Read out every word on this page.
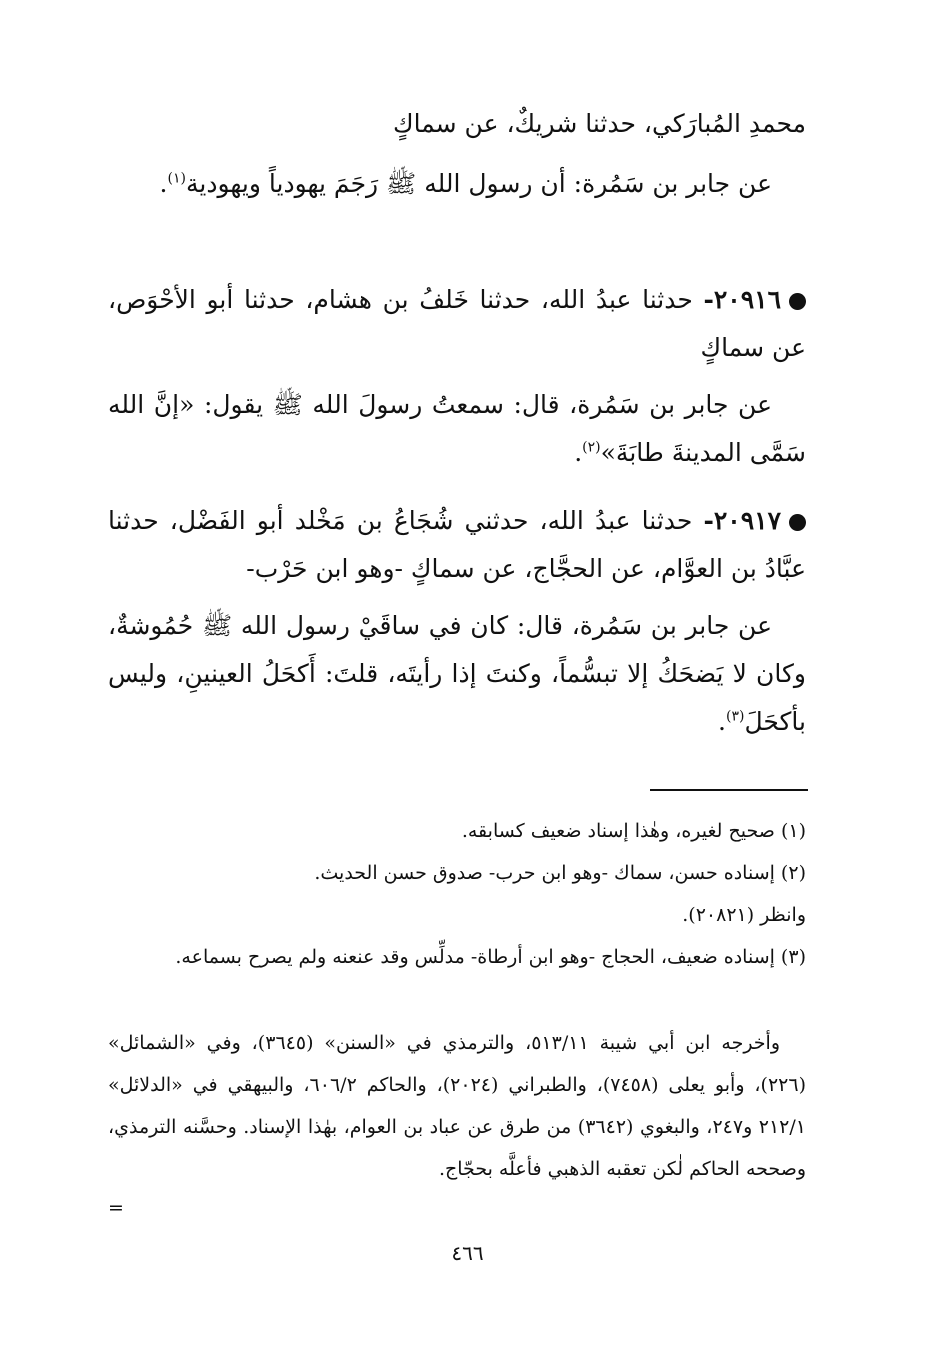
محمدِ المُبارَكي، حدثنا شريكٌ، عن سماكٍ
عن جابر بن سَمُرة: أن رسول الله ﷺ رَجَمَ يهودياً ويهودية$^{(١)}$.
٢٠٩١٦- حدثنا عبدُ الله، حدثنا خَلفُ بن هشام، حدثنا أبو الأحْوَص، عن سماكٍ
عن جابر بن سَمُرة، قال: سمعتُ رسولَ الله ﷺ يقول: «إنَّ الله سَمَّى المدينةَ طابَةَ»$^{(٢)}$.
٢٠٩١٧- حدثنا عبدُ الله، حدثني شُجَاعُ بن مَخْلد أبو الفَضْل، حدثنا عبَّادُ بن العوَّام، عن الحجَّاج، عن سماكٍ -وهو ابن حَرْب-
عن جابر بن سَمُرة، قال: كان في ساقَيْ رسول الله ﷺ حُمُوشةٌ، وكان لا يَضحَكُ إلا تبسُّماً، وكنتَ إذا رأيتَه، قلتَ: أَكحَلُ العينينِ، وليس بأكحَلَ$^{(٣)}$.
(١) صحيح لغيره، وهٰذا إسناد ضعيف كسابقه.
(٢) إسناده حسن، سماك -وهو ابن حرب- صدوق حسن الحديث.
وانظر (٢٠٨٢١).
(٣) إسناده ضعيف، الحجاج -وهو ابن أرطاة- مدلِّس وقد عنعنه ولم يصرح بسماعه.
وأخرجه ابن أبي شيبة ٥١٣/١١، والترمذي في «السنن» (٣٦٤٥)، وفي «الشمائل» (٢٢٦)، وأبو يعلى (٧٤٥٨)، والطبراني (٢٠٢٤)، والحاكم ٦٠٦/٢، والبيهقي في «الدلائل» ٢١٢/١ و٢٤٧، والبغوي (٣٦٤٢) من طرق عن عباد بن العوام، بهٰذا الإسناد. وحسَّنه الترمذي، وصححه الحاكم لٰكن تعقبه الذهبي فأعلَّه بحجّاج.
=
٤٦٦
